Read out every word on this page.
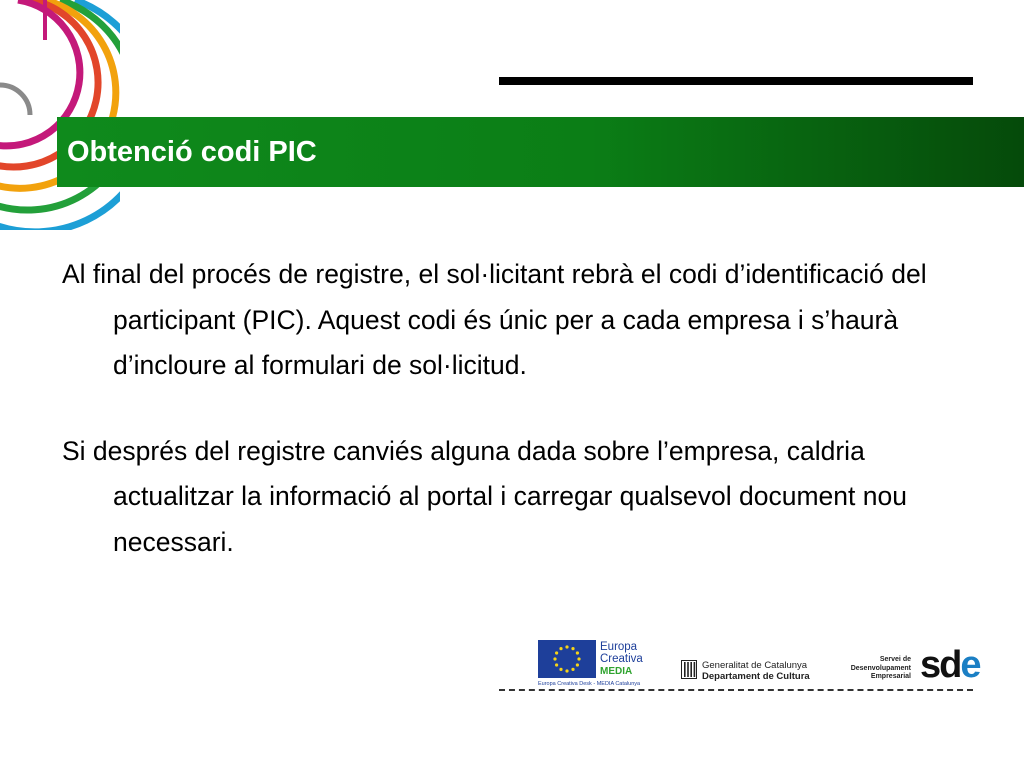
Obtenció codi PIC

Al final del procés de registre, el sol·licitant rebrà el codi d’identificació del participant (PIC). Aquest codi és únic per a cada empresa i s’haurà d’incloure al formulari de sol·licitud.

Si després del registre canviés alguna dada sobre l’empresa, caldria actualitzar la informació al portal i carregar qualsevol document nou necessari.

Europa
Creativa
MEDIA
Europa Creativa Desk - MEDIA Catalunya
Generalitat de Catalunya
Departament de Cultura
Servei de
Desenvolupament
Empresarial sde
